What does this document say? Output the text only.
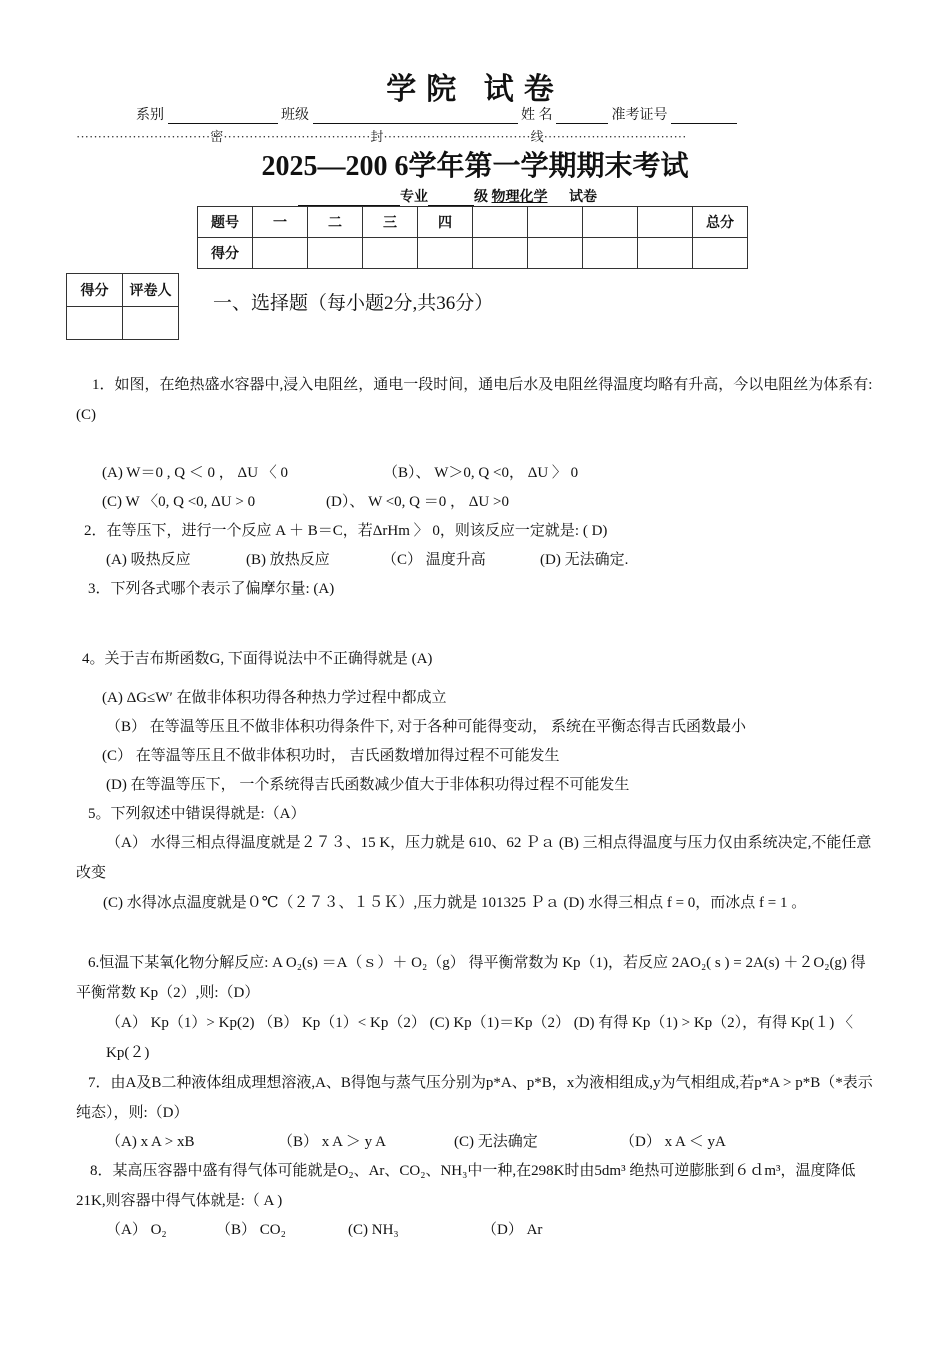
学院 试卷
系别	班级	姓 名	准考证号
·······························密··································封··································线·································
2025—200 6学年第一学期期末考试
专业	级 物理化学 试卷
题号	一	二	三	四					总分
得分									
得分	评卷人

一、选择题（每小题2分,共36分）
1．如图，在绝热盛水容器中,浸入电阻丝，通电一段时间，通电后水及电阻丝得温度均略有升高，今以电阻丝为体系有: (C)
(A) W＝0 , Q ＜ 0 ， ΔU 〈 0	（B）、 W＞0, Q <0， ΔU 〉 0
(C) W 〈0, Q <0, ΔU > 0	(D）、 W <0, Q ＝0 ， ΔU >0
2．在等压下，进行一个反应 A ＋ B＝C，若ΔrHm 〉 0，则该反应一定就是: ( D)
(A) 吸热反应	(B) 放热反应	（C） 温度升高	(D) 无法确定.
3．下列各式哪个表示了偏摩尔量: (A)
4。关于吉布斯函数G, 下面得说法中不正确得就是 (A)
(A) ΔG≤W′ 在做非体积功得各种热力学过程中都成立
（B） 在等温等压且不做非体积功得条件下, 对于各种可能得变动， 系统在平衡态得吉氏函数最小
(C） 在等温等压且不做非体积功时， 吉氏函数增加得过程不可能发生
(D) 在等温等压下， 一个系统得吉氏函数减少值大于非体积功得过程不可能发生
5。下列叙述中错误得就是:（A）
（A） 水得三相点得温度就是２７３、15 K，压力就是 610、62 Ｐａ (B) 三相点得温度与压力仅由系统决定,不能任意改变
(C) 水得冰点温度就是０℃（２７３、１５Ｋ）,压力就是 101325 Ｐａ (D) 水得三相点 f = 0，而冰点 f = 1 。
6.恒温下某氧化物分解反应: A O₂(s) ＝A（ｓ）＋ O₂（g） 得平衡常数为 Kp（1)，若反应 2AO₂( s ) = 2A(s) ＋２O₂(g) 得平衡常数 Kp（2）,则:（D）
（A） Kp（1）> Kp(2) （B） Kp（1）< Kp（2） (C) Kp（1)＝Kp（2） (D) 有得 Kp（1) > Kp（2），有得 Kp(１) 〈 Kp(２)
7．由A及B二种液体组成理想溶液,A、B得饱与蒸气压分别为p*A、p*B，x为液相组成,y为气相组成,若p*A > p*B（*表示纯态），则:（D）
（A) x A > xB	（B） x A ＞ y A	(C) 无法确定	（D） x A ＜ yA
8．某高压容器中盛有得气体可能就是O₂、Ar、CO₂、NH₃中一种,在298K时由5dm³ 绝热可逆膨胀到６ｄm³，温度降低21K,则容器中得气体就是:（ A )
（A） O₂	（B） CO₂	(C) NH₃	（D） Ar
